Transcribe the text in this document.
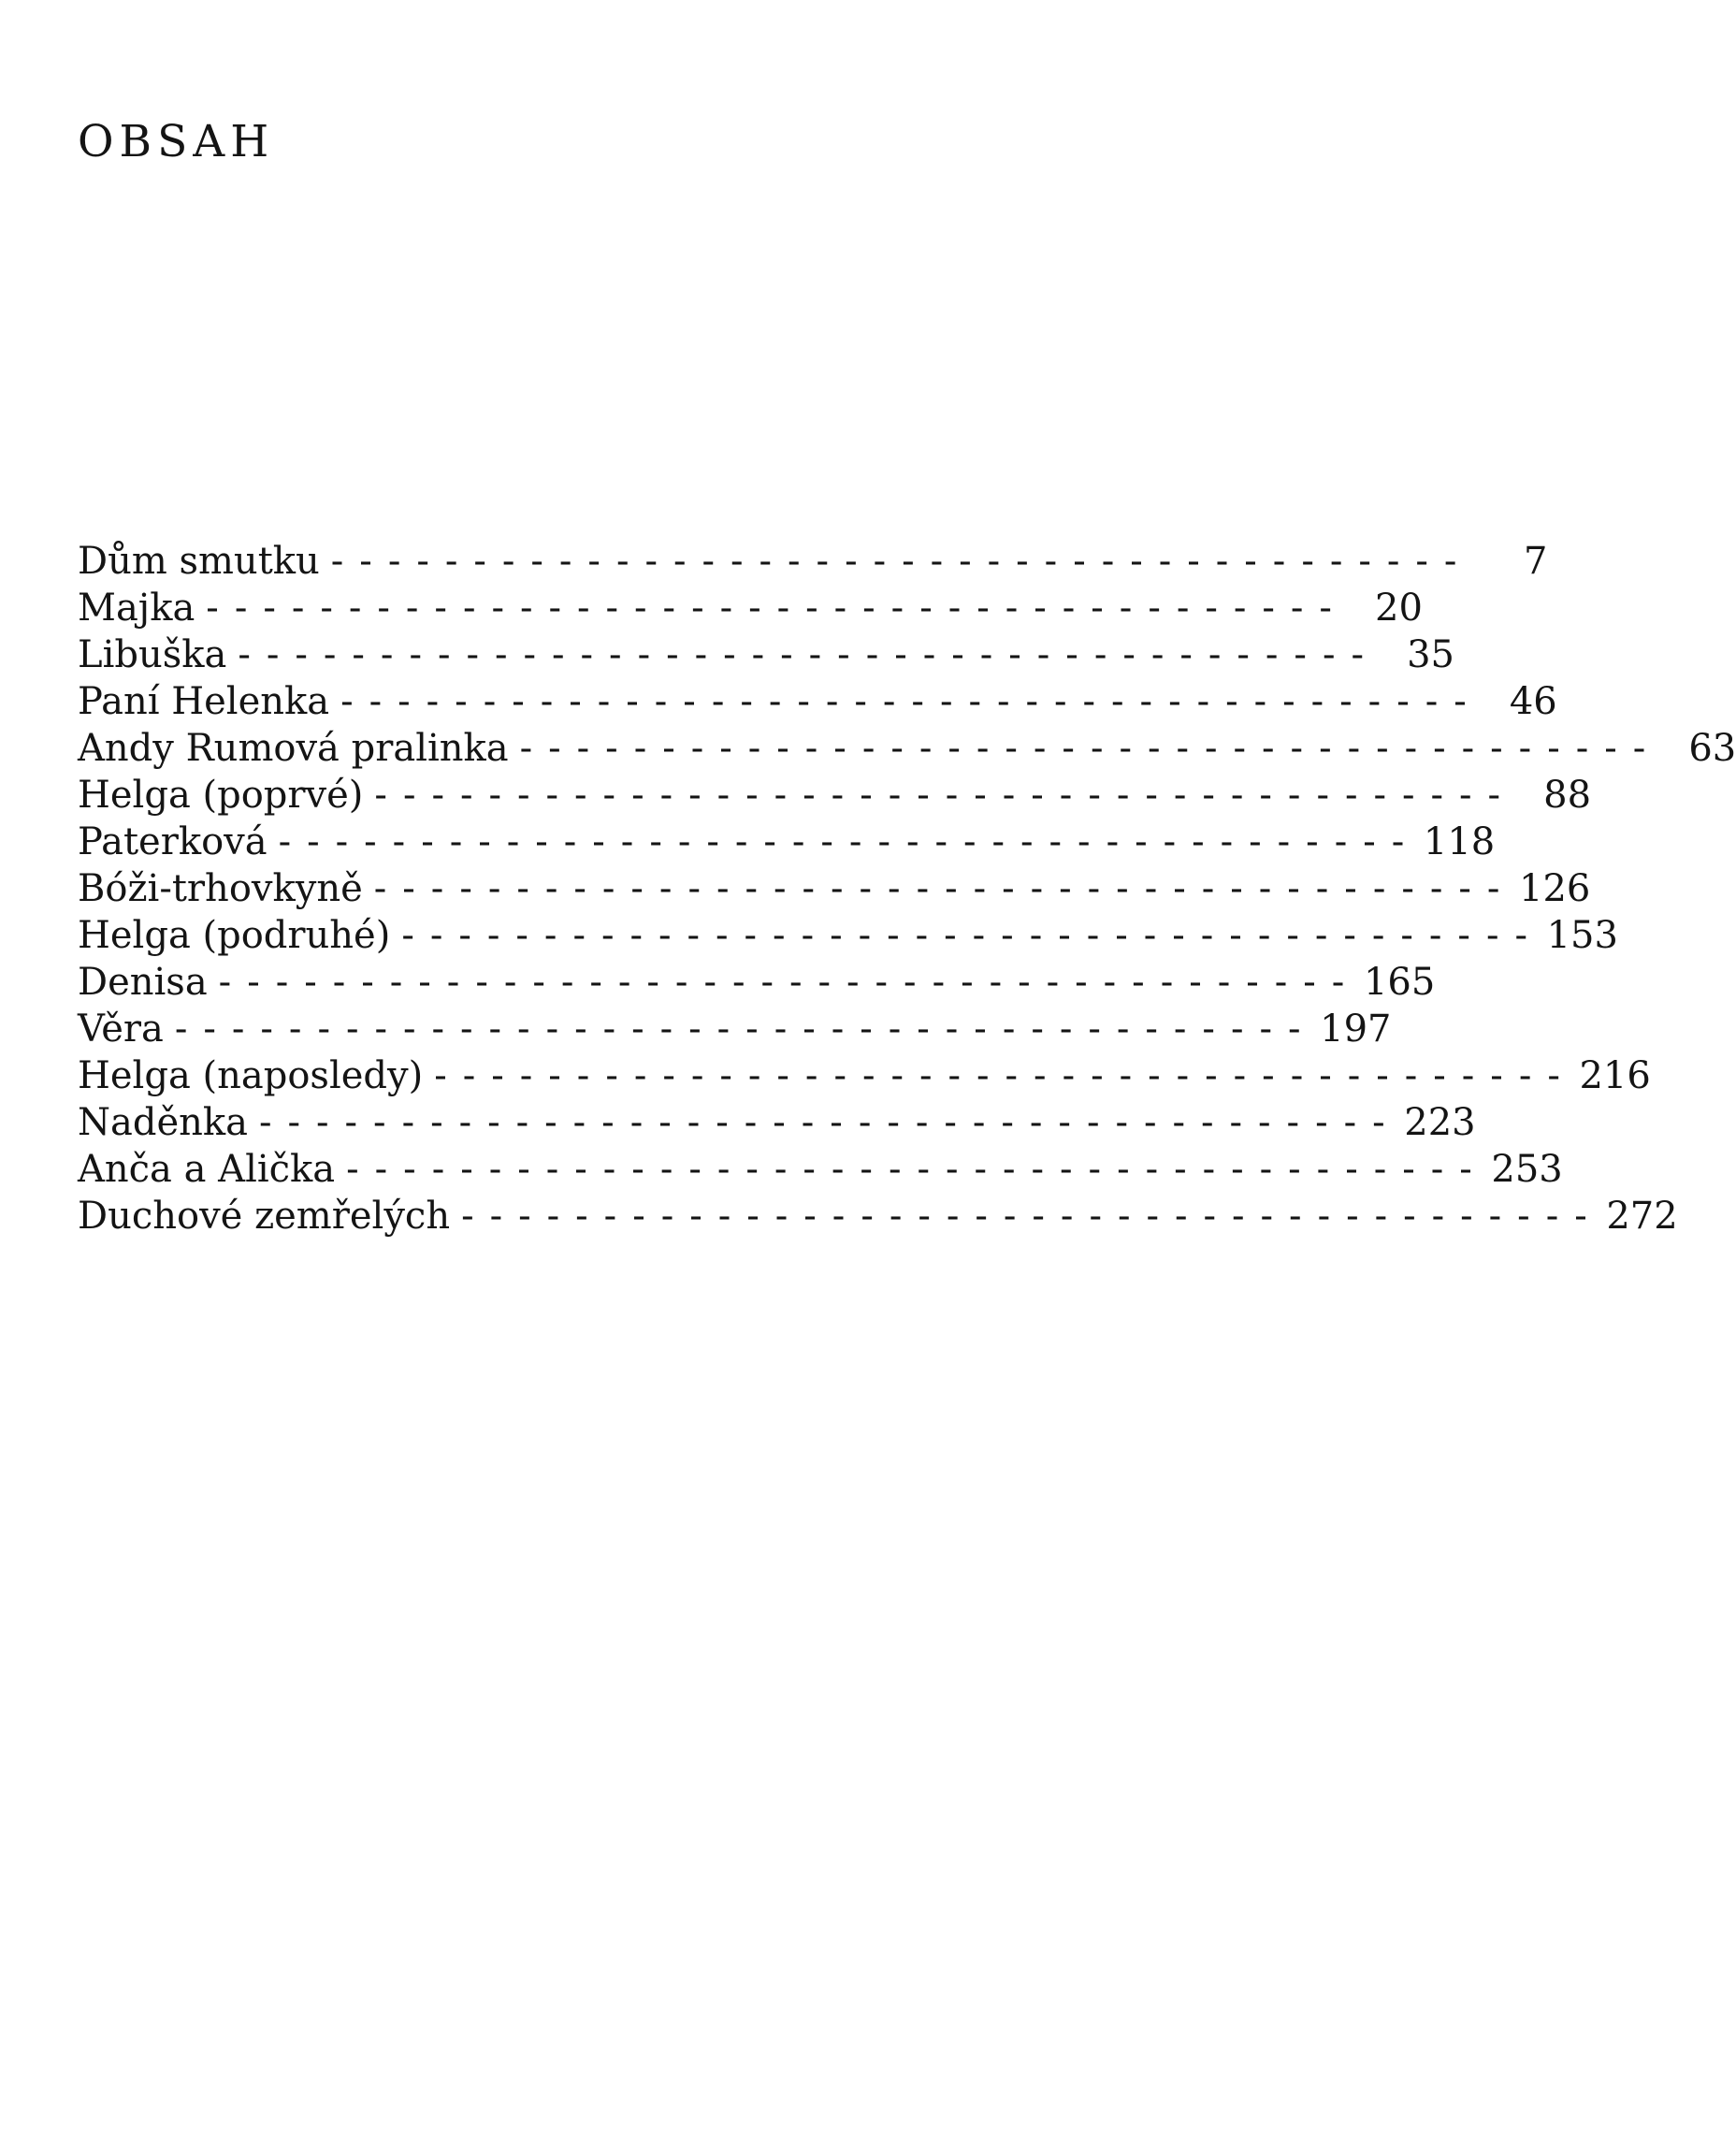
OBSAH
Dům smutku ----------------------------------------	7
Majka ---------------------------------------- 20
Libuška ---------------------------------------- 35
Paní Helenka ---------------------------------------- 46
Andy Rumová pralinka ---------------------------------------- 63
Helga (poprvé) ---------------------------------------- 88
Paterková ---------------------------------------- 118
Bóži-trhovkyně ---------------------------------------- 126
Helga (podruhé) ---------------------------------------- 153
Denisa ---------------------------------------- 165
Věra ---------------------------------------- 197
Helga (naposledy) ---------------------------------------- 216
Naděnka ---------------------------------------- 223
Anča a Alička ---------------------------------------- 253
Duchové zemřelých ---------------------------------------- 272
